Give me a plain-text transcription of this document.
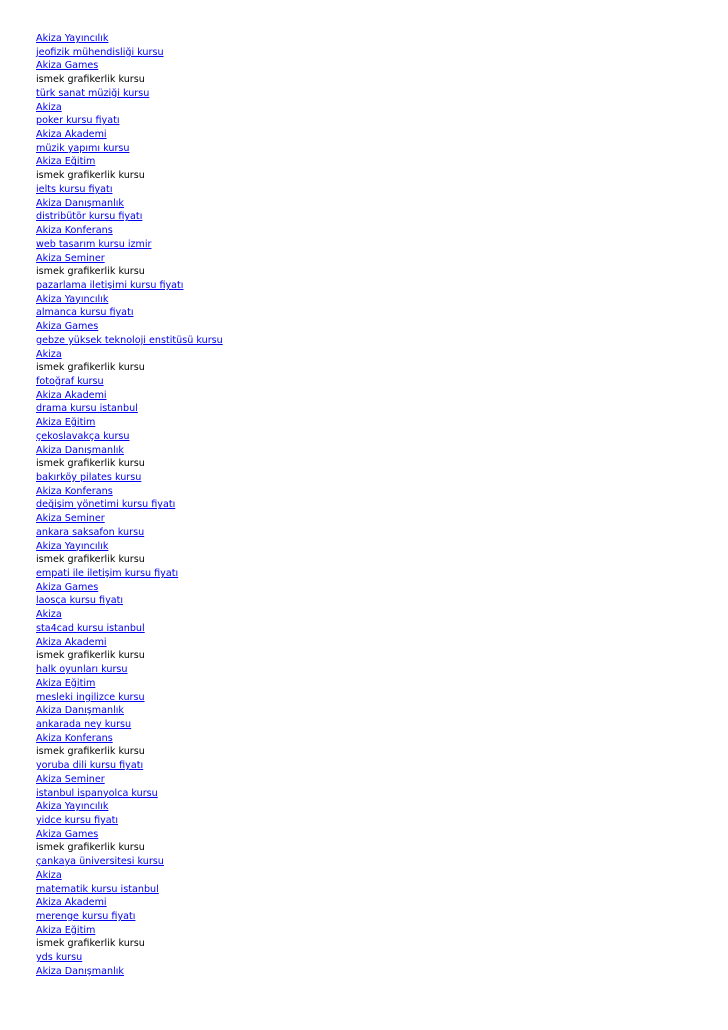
Akiza Yayıncılık
jeofizik mühendisliği kursu
Akiza Games
ismek grafikerlik kursu
türk sanat müziği kursu
Akiza
poker kursu fiyatı
Akiza Akademi
müzik yapımı kursu
Akiza Eğitim
ismek grafikerlik kursu
ielts kursu fiyatı
Akiza Danışmanlık
distribütör kursu fiyatı
Akiza Konferans
web tasarım kursu izmir
Akiza Seminer
ismek grafikerlik kursu
pazarlama iletişimi kursu fiyatı
Akiza Yayıncılık
almanca kursu fiyatı
Akiza Games
gebze yüksek teknoloji enstitüsü kursu
Akiza
ismek grafikerlik kursu
fotoğraf kursu
Akiza Akademi
drama kursu istanbul
Akiza Eğitim
çekoslavakça kursu
Akiza Danışmanlık
ismek grafikerlik kursu
bakırköy pilates kursu
Akiza Konferans
değişim yönetimi kursu fiyatı
Akiza Seminer
ankara saksafon kursu
Akiza Yayıncılık
ismek grafikerlik kursu
empati ile iletişim kursu fiyatı
Akiza Games
laosça kursu fiyatı
Akiza
sta4cad kursu istanbul
Akiza Akademi
ismek grafikerlik kursu
halk oyunları kursu
Akiza Eğitim
mesleki ingilizce kursu
Akiza Danışmanlık
ankarada ney kursu
Akiza Konferans
ismek grafikerlik kursu
yoruba dili kursu fiyatı
Akiza Seminer
istanbul ispanyolca kursu
Akiza Yayıncılık
yidce kursu fiyatı
Akiza Games
ismek grafikerlik kursu
çankaya üniversitesi kursu
Akiza
matematik kursu istanbul
Akiza Akademi
merenge kursu fiyatı
Akiza Eğitim
ismek grafikerlik kursu
yds kursu
Akiza Danışmanlık
